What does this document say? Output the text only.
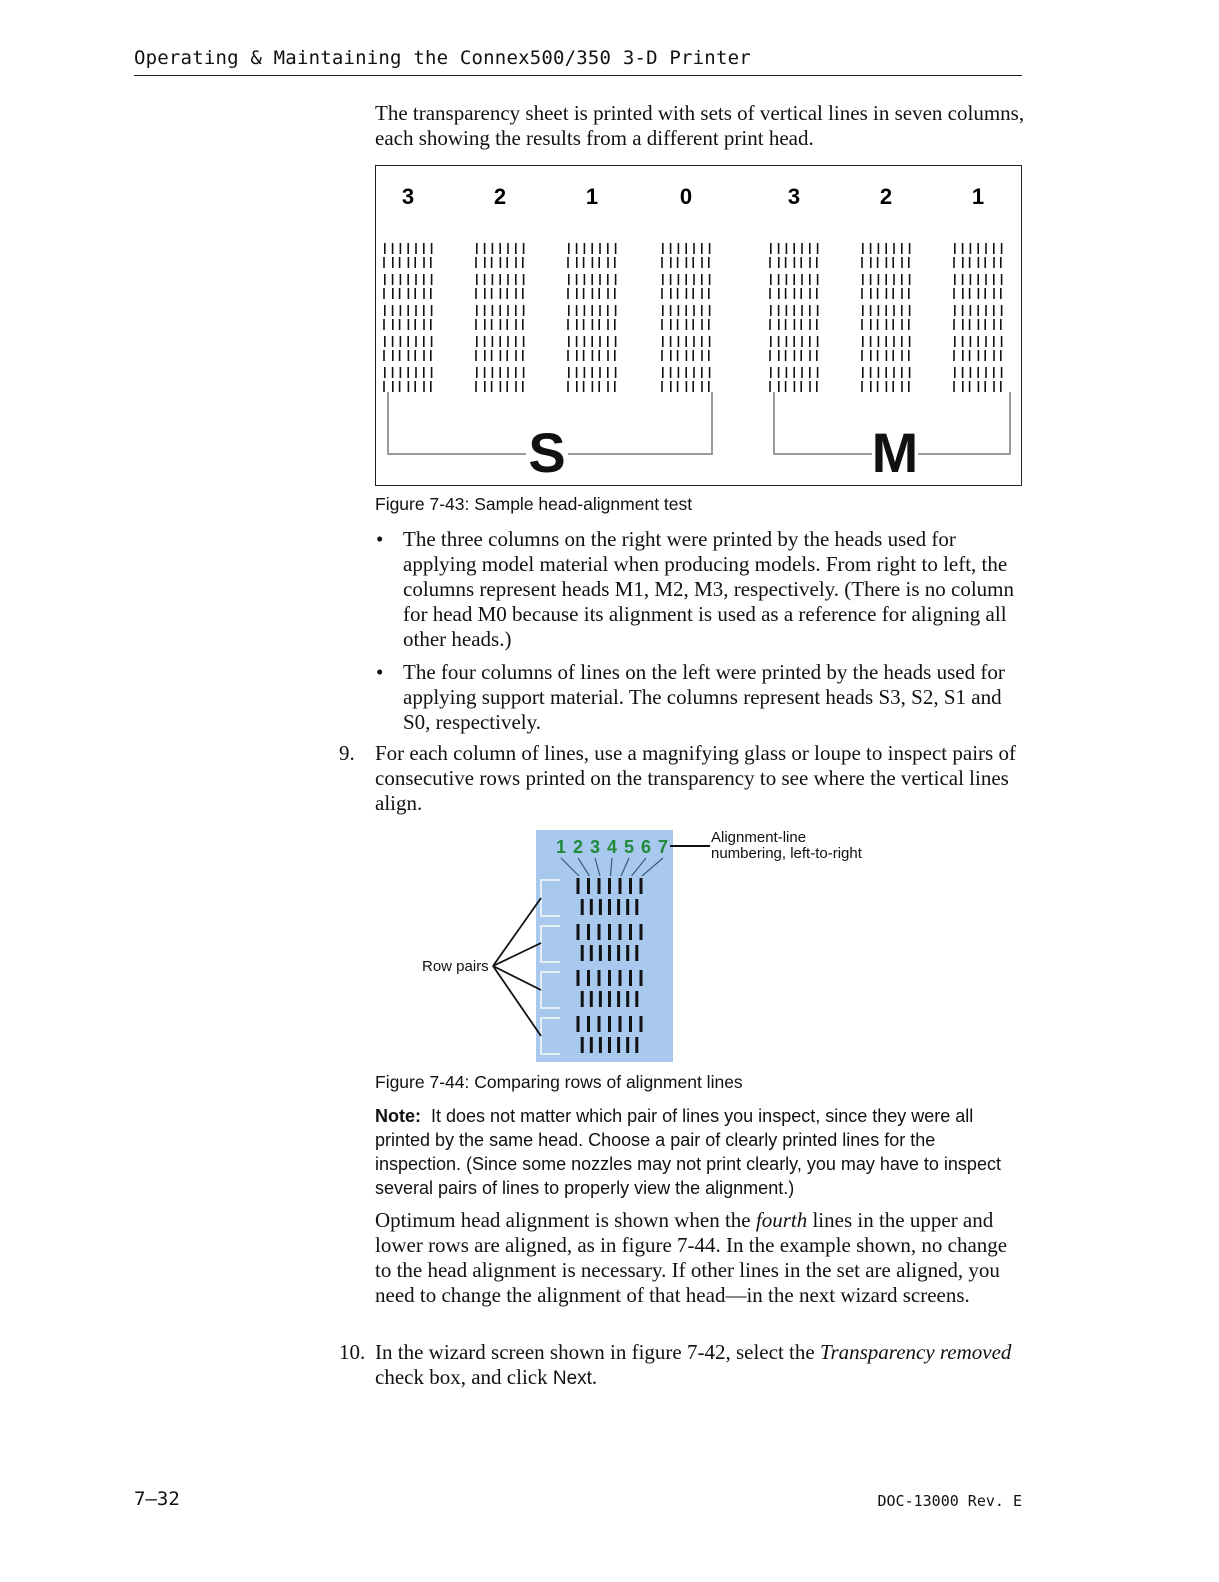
Operating & Maintaining the Connex500/350 3-D Printer
The transparency sheet is printed with sets of vertical lines in seven columns, each showing the results from a different print head.
3	2	1	0	3	2	1
S	M
Figure 7-43: Sample head-alignment test
• The three columns on the right were printed by the heads used for applying model material when producing models. From right to left, the columns represent heads M1, M2, M3, respectively. (There is no column for head M0 because its alignment is used as a reference for aligning all other heads.)
• The four columns of lines on the left were printed by the heads used for applying support material. The columns represent heads S3, S2, S1 and S0, respectively.
9. For each column of lines, use a magnifying glass or loupe to inspect pairs of consecutive rows printed on the transparency to see where the vertical lines align.
1 2 3 4 5 6 7	Alignment-line
numbering, left-to-right
Row pairs
Figure 7-44: Comparing rows of alignment lines
Note: It does not matter which pair of lines you inspect, since they were all printed by the same head. Choose a pair of clearly printed lines for the inspection. (Since some nozzles may not print clearly, you may have to inspect several pairs of lines to properly view the alignment.)
Optimum head alignment is shown when the fourth lines in the upper and lower rows are aligned, as in figure 7-44. In the example shown, no change to the head alignment is necessary. If other lines in the set are aligned, you need to change the alignment of that head—in the next wizard screens.
10. In the wizard screen shown in figure 7-42, select the Transparency removed check box, and click Next.
7–32	DOC-13000 Rev. E
